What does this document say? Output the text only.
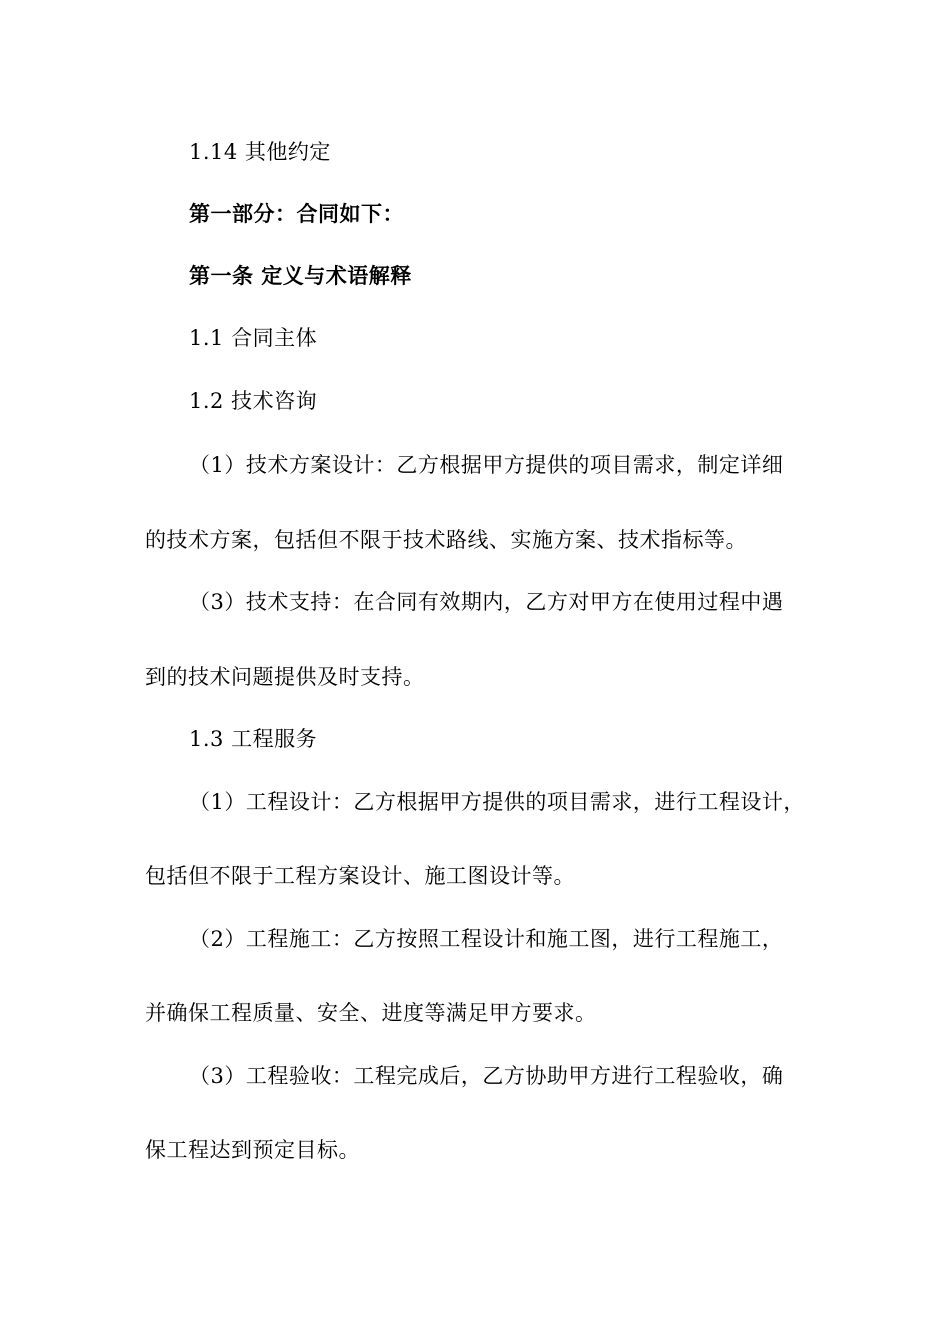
1.14 其他约定
第一部分：合同如下：
第一条 定义与术语解释
1.1 合同主体
1.2 技术咨询
（1）技术方案设计：乙方根据甲方提供的项目需求，制定详细
的技术方案，包括但不限于技术路线、实施方案、技术指标等。
（3）技术支持：在合同有效期内，乙方对甲方在使用过程中遇
到的技术问题提供及时支持。
1.3 工程服务
（1）工程设计：乙方根据甲方提供的项目需求，进行工程设计，
包括但不限于工程方案设计、施工图设计等。
（2）工程施工：乙方按照工程设计和施工图，进行工程施工，
并确保工程质量、安全、进度等满足甲方要求。
（3）工程验收：工程完成后，乙方协助甲方进行工程验收，确
保工程达到预定目标。
